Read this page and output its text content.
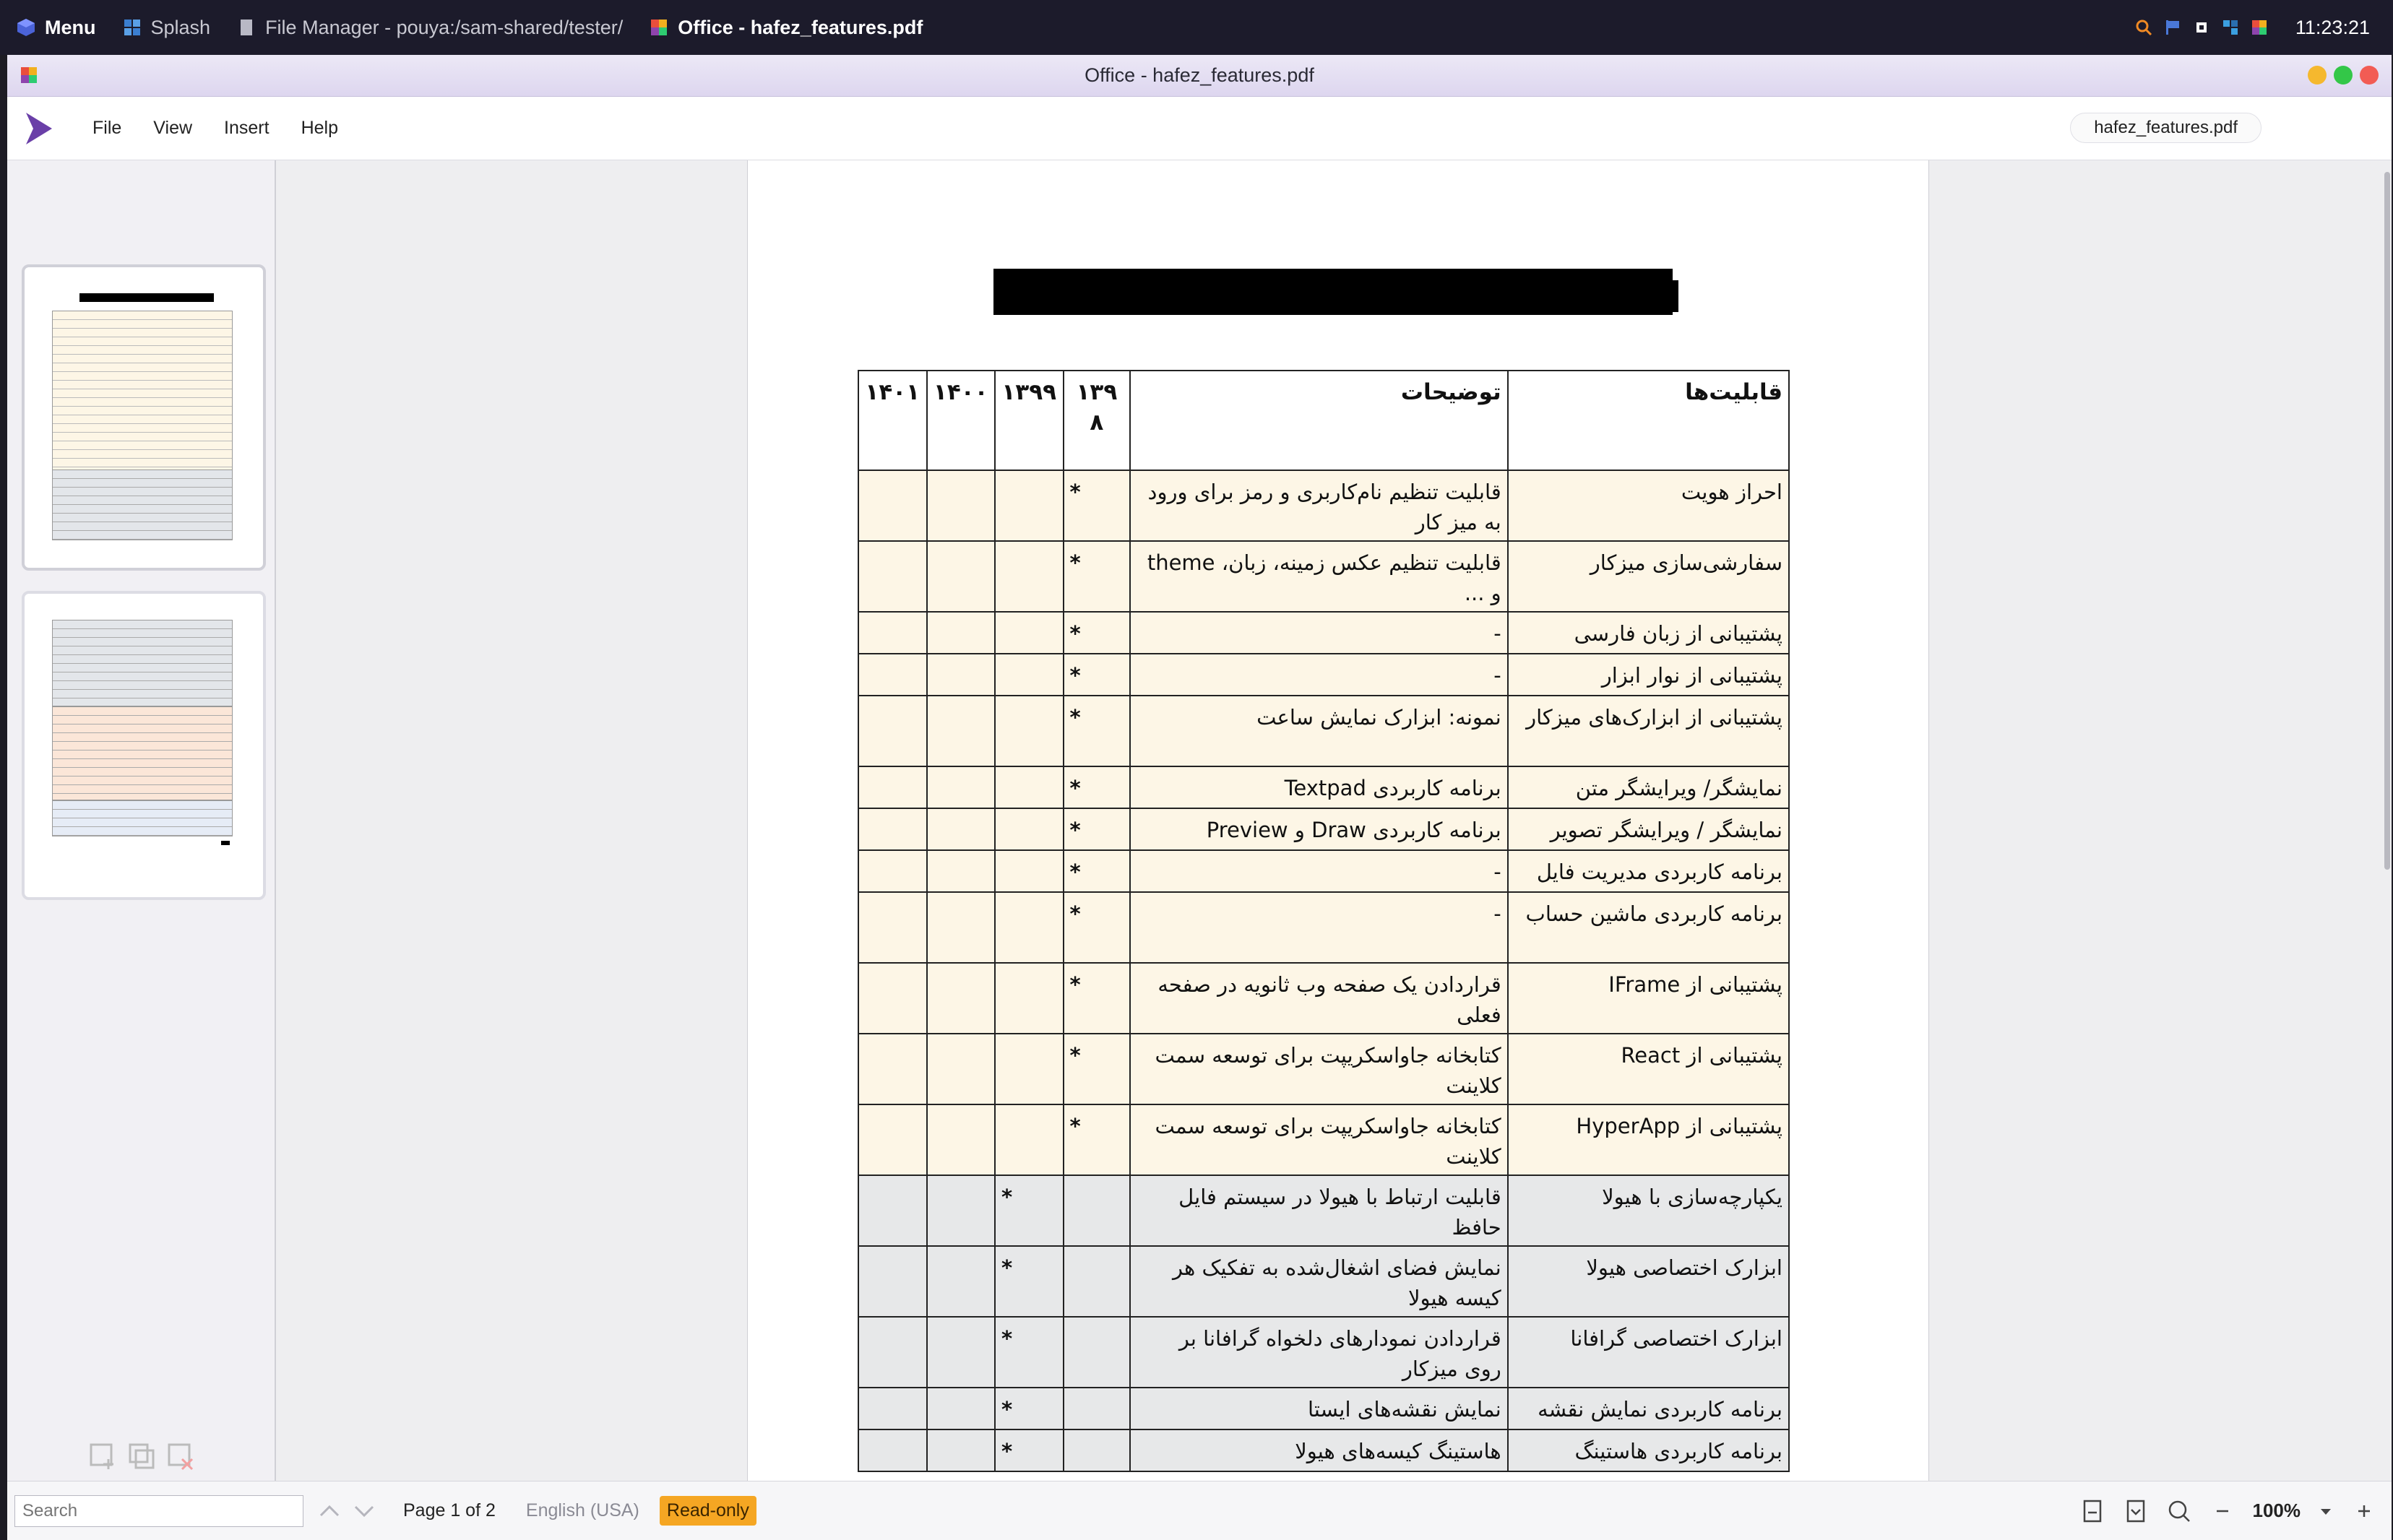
Menu	Splash	File Manager - pouya:/sam-shared/tester/	Office - hafez_features.pdf	11:23:21
Office - hafez_features.pdf
File	View	Insert	Help	hafez_features.pdf
قابلیت‌ها	توضیحات	۱۳۹ ۸	۱۳۹۹	۱۴۰۰	۱۴۰۱
احراز هویت	قابلیت تنظیم نام‌کاربری و رمز برای ورود به میز کار	*			
سفارشی‌سازی میزکار	قابلیت تنظیم عکس زمینه، زبان، theme و ...	*			
پشتیبانی از زبان فارسی	-	*			
پشتیبانی از نوار ابزار	-	*			
پشتیبانی از ابزارک‌های میزکار	نمونه: ابزارک نمایش ساعت	*			
نمایشگر/ ویرایشگر متن	برنامه کاربردی Textpad	*			
نمایشگر / ویرایشگر تصویر	برنامه کاربردی Draw و Preview	*			
برنامه کاربردی مدیریت فایل	-	*			
برنامه کاربردی ماشین حساب	-	*			
پشتیبانی از IFrame	قراردادن یک صفحه وب ثانویه در صفحه فعلی	*			
پشتیبانی از React	کتابخانه جاواسکریپت برای توسعه سمت کلاینت	*			
پشتیبانی از HyperApp	کتابخانه جاواسکریپت برای توسعه سمت کلاینت	*			
یکپارچه‌سازی با هیولا	قابلیت ارتباط با هیولا در سیستم فایل حافظ		*		
ابزارک اختصاصی هیولا	نمایش فضای اشغال‌شده به تفکیک هر کیسه هیولا		*		
ابزارک اختصاصی گرافانا	قراردادن نمودارهای دلخواه گرافانا بر روی میزکار		*		
برنامه کاربردی نمایش نقشه	نمایش نقشه‌های ایستا		*		
برنامه کاربردی هاستینگ	هاستینگ کیسه‌های هیولا		*		
Search
Page 1 of 2 English (USA)	Read-only	100%
